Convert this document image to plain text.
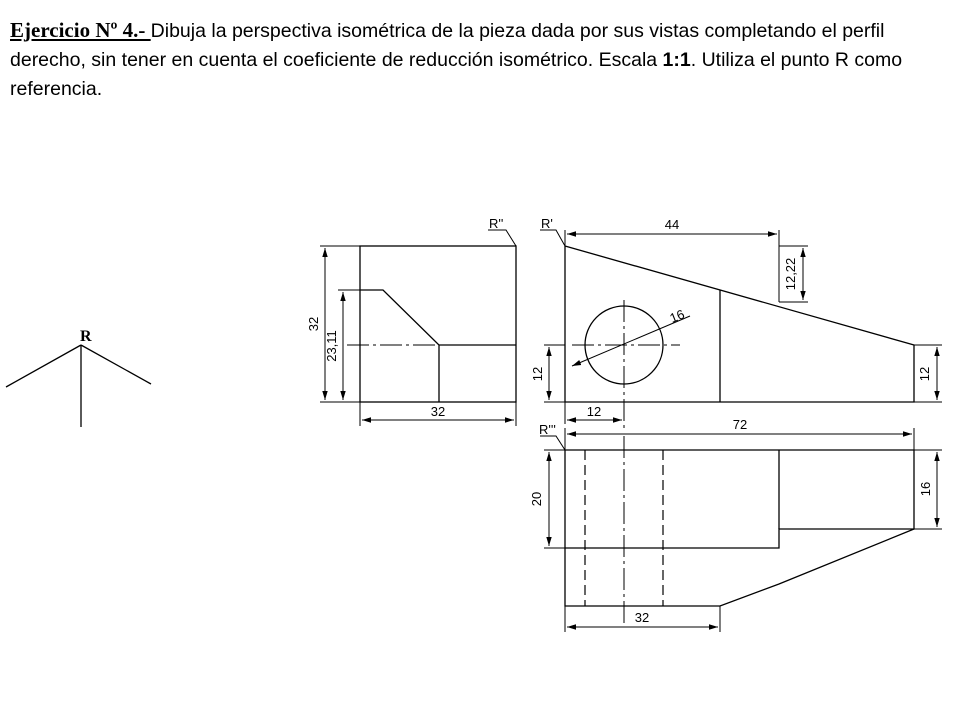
Ejercicio Nº 4.- Dibuja la perspectiva isométrica de la pieza dada por sus vistas completando el perfil derecho, sin tener en cuenta el coeficiente de reducción isométrico. Escala 1:1. Utiliza el punto R como referencia.
R
32
23,11
32
R''	44
12,22
16
12
12
12
R'
72
20
16
32
R'''
